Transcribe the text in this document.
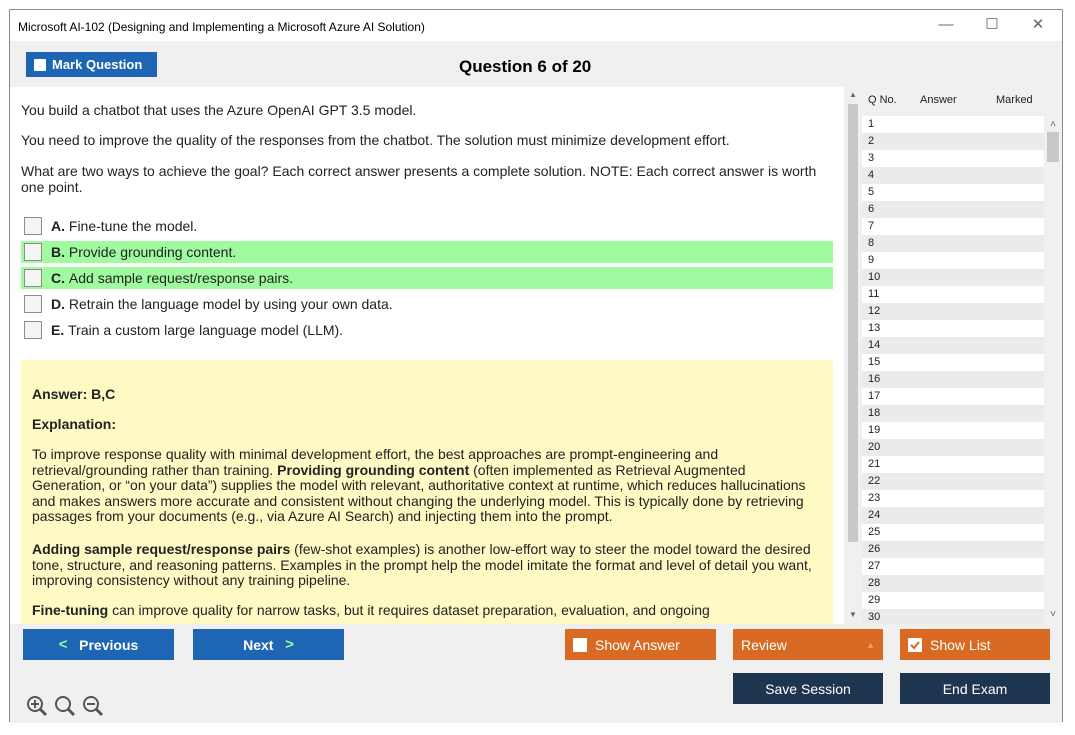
Microsoft AI-102 (Designing and Implementing a Microsoft Azure AI Solution)	—	☐	✕
Mark Question	Question 6 of 20
You build a chatbot that uses the Azure OpenAI GPT 3.5 model.
You need to improve the quality of the responses from the chatbot. The solution must minimize development effort.
What are two ways to achieve the goal? Each correct answer presents a complete solution. NOTE: Each correct answer is worth one point.
A.
Fine-tune the model.
B.
Provide grounding content.
C.
Add sample request/response pairs.
D.
Retrain the language model by using your own data.
E.
Train a custom large language model (LLM).
Answer: B,C
Explanation:
To improve response quality with minimal development effort, the best approaches are prompt-engineering and retrieval/grounding rather than training. Providing grounding content (often implemented as Retrieval Augmented Generation, or “on your data”) supplies the model with relevant, authoritative context at runtime, which reduces hallucinations and makes answers more accurate and consistent without changing the underlying model. This is typically done by retrieving passages from your documents (e.g., via Azure AI Search) and injecting them into the prompt.
Adding sample request/response pairs (few-shot examples) is another low-effort way to steer the model toward the desired tone, structure, and reasoning patterns. Examples in the prompt help the model imitate the format and level of detail you want, improving consistency without any training pipeline.
Fine-tuning can improve quality for narrow tasks, but it requires dataset preparation, evaluation, and ongoing
▲
▼
Q No. Answer	Marked
1
2
3
4
5
6
7
8
9
10
11
12
13
14
15
16
17
18
19
20
21
22
23
24
25
26
27
28
29
30
˄
˅
<
Previous	Next
>	Show Answer	Review	▲	Show List
Save Session	End Exam
